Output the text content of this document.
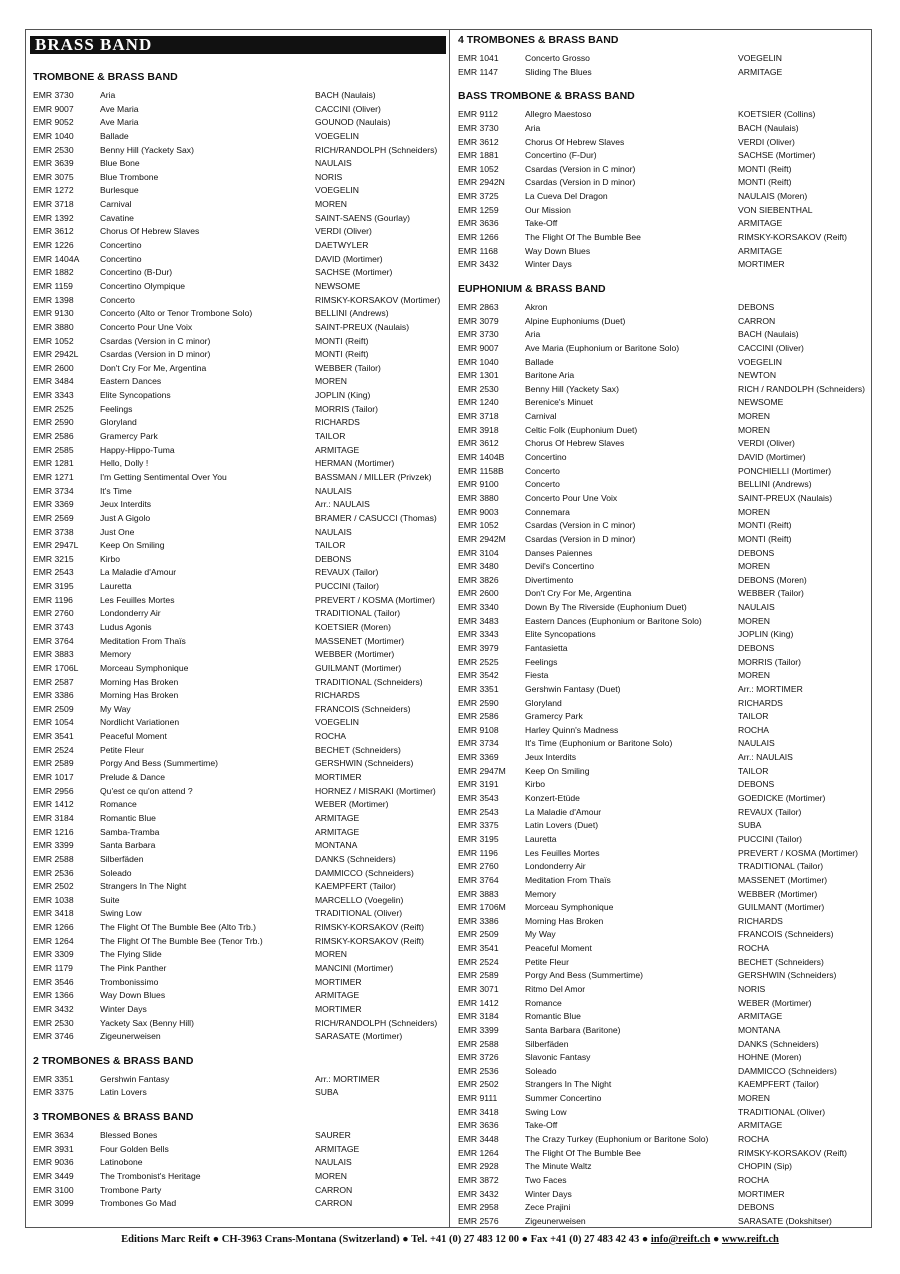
BRASS BAND
TROMBONE & BRASS BAND
EMR 3730	Aria	BACH (Naulais)
EMR 9007	Ave Maria	CACCINI (Oliver)
EMR 9052	Ave Maria	GOUNOD (Naulais)
EMR 1040	Ballade	VOEGELIN
EMR 2530	Benny Hill (Yackety Sax)	RICH/RANDOLPH (Schneiders)
EMR 3639	Blue Bone	NAULAIS
EMR 3075	Blue Trombone	NORIS
EMR 1272	Burlesque	VOEGELIN
EMR 3718	Carnival	MOREN
EMR 1392	Cavatine	SAINT-SAENS (Gourlay)
EMR 3612	Chorus Of Hebrew Slaves	VERDI (Oliver)
EMR 1226	Concertino	DAETWYLER
EMR 1404A	Concertino	DAVID (Mortimer)
EMR 1882	Concertino (B-Dur)	SACHSE (Mortimer)
EMR 1159	Concertino Olympique	NEWSOME
EMR 1398	Concerto	RIMSKY-KORSAKOV (Mortimer)
EMR 9130	Concerto (Alto or Tenor Trombone Solo)	BELLINI (Andrews)
EMR 3880	Concerto Pour Une Voix	SAINT-PREUX (Naulais)
EMR 1052	Csardas (Version in C minor)	MONTI (Reift)
EMR 2942L	Csardas (Version in D minor)	MONTI (Reift)
EMR 2600	Don't Cry For Me, Argentina	WEBBER (Tailor)
EMR 3484	Eastern Dances	MOREN
EMR 3343	Elite Syncopations	JOPLIN (King)
EMR 2525	Feelings	MORRIS (Tailor)
EMR 2590	Gloryland	RICHARDS
EMR 2586	Gramercy Park	TAILOR
EMR 2585	Happy-Hippo-Tuma	ARMITAGE
EMR 1281	Hello, Dolly !	HERMAN (Mortimer)
EMR 1271	I'm Getting Sentimental Over You	BASSMAN / MILLER (Privzek)
EMR 3734	It's Time	NAULAIS
EMR 3369	Jeux Interdits	Arr.: NAULAIS
EMR 2569	Just A Gigolo	BRAMER / CASUCCI (Thomas)
EMR 3738	Just One	NAULAIS
EMR 2947L	Keep On Smiling	TAILOR
EMR 3215	Kirbo	DEBONS
EMR 2543	La Maladie d'Amour	REVAUX (Tailor)
EMR 3195	Lauretta	PUCCINI (Tailor)
EMR 1196	Les Feuilles Mortes	PREVERT / KOSMA (Mortimer)
EMR 2760	Londonderry Air	TRADITIONAL (Tailor)
EMR 3743	Ludus Agonis	KOETSIER (Moren)
EMR 3764	Meditation From Thaïs	MASSENET (Mortimer)
EMR 3883	Memory	WEBBER (Mortimer)
EMR 1706L	Morceau Symphonique	GUILMANT (Mortimer)
EMR 2587	Morning Has Broken	TRADITIONAL (Schneiders)
EMR 3386	Morning Has Broken	RICHARDS
EMR 2509	My Way	FRANCOIS (Schneiders)
EMR 1054	Nordlicht Variationen	VOEGELIN
EMR 3541	Peaceful Moment	ROCHA
EMR 2524	Petite Fleur	BECHET (Schneiders)
EMR 2589	Porgy And Bess (Summertime)	GERSHWIN (Schneiders)
EMR 1017	Prelude & Dance	MORTIMER
EMR 2956	Qu'est ce qu'on attend ?	HORNEZ / MISRAKI (Mortimer)
EMR 1412	Romance	WEBER (Mortimer)
EMR 3184	Romantic Blue	ARMITAGE
EMR 1216	Samba-Tramba	ARMITAGE
EMR 3399	Santa Barbara	MONTANA
EMR 2588	Silberfäden	DANKS (Schneiders)
EMR 2536	Soleado	DAMMICCO (Schneiders)
EMR 2502	Strangers In The Night	KAEMPFERT (Tailor)
EMR 1038	Suite	MARCELLO (Voegelin)
EMR 3418	Swing Low	TRADITIONAL (Oliver)
EMR 1266	The Flight Of The Bumble Bee (Alto Trb.)	RIMSKY-KORSAKOV (Reift)
EMR 1264	The Flight Of The Bumble Bee (Tenor Trb.)	RIMSKY-KORSAKOV (Reift)
EMR 3309	The Flying Slide	MOREN
EMR 1179	The Pink Panther	MANCINI (Mortimer)
EMR 3546	Trombonissimo	MORTIMER
EMR 1366	Way Down Blues	ARMITAGE
EMR 3432	Winter Days	MORTIMER
EMR 2530	Yackety Sax (Benny Hill)	RICH/RANDOLPH (Schneiders)
EMR 3746	Zigeunerweisen	SARASATE (Mortimer)
2 TROMBONES & BRASS BAND
EMR 3351	Gershwin Fantasy	Arr.: MORTIMER
EMR 3375	Latin Lovers	SUBA
3 TROMBONES & BRASS BAND
EMR 3634	Blessed Bones	SAURER
EMR 3931	Four Golden Bells	ARMITAGE
EMR 9036	Latinobone	NAULAIS
EMR 3449	The Trombonist's Heritage	MOREN
EMR 3100	Trombone Party	CARRON
EMR 3099	Trombones Go Mad	CARRON
4 TROMBONES & BRASS BAND
EMR 1041	Concerto Grosso	VOEGELIN
EMR 1147	Sliding The Blues	ARMITAGE
BASS TROMBONE & BRASS BAND
EMR 9112	Allegro Maestoso	KOETSIER (Collins)
EMR 3730	Aria	BACH (Naulais)
EMR 3612	Chorus Of Hebrew Slaves	VERDI (Oliver)
EMR 1881	Concertino (F-Dur)	SACHSE (Mortimer)
EMR 1052	Csardas (Version in C minor)	MONTI (Reift)
EMR 2942N	Csardas (Version in D minor)	MONTI (Reift)
EMR 3725	La Cueva Del Dragon	NAULAIS (Moren)
EMR 1259	Our Mission	VON SIEBENTHAL
EMR 3636	Take-Off	ARMITAGE
EMR 1266	The Flight Of The Bumble Bee	RIMSKY-KORSAKOV (Reift)
EMR 1168	Way Down Blues	ARMITAGE
EMR 3432	Winter Days	MORTIMER
EUPHONIUM & BRASS BAND
EMR 2863	Akron	DEBONS
EMR 3079	Alpine Euphoniums (Duet)	CARRON
EMR 3730	Aria	BACH (Naulais)
EMR 9007	Ave Maria (Euphonium or Baritone Solo)	CACCINI (Oliver)
EMR 1040	Ballade	VOEGELIN
EMR 1301	Baritone Aria	NEWTON
EMR 2530	Benny Hill (Yackety Sax)	RICH / RANDOLPH (Schneiders)
EMR 1240	Berenice's Minuet	NEWSOME
EMR 3718	Carnival	MOREN
EMR 3918	Celtic Folk (Euphonium Duet)	MOREN
EMR 3612	Chorus Of Hebrew Slaves	VERDI (Oliver)
EMR 1404B	Concertino	DAVID (Mortimer)
EMR 1158B	Concerto	PONCHIELLI (Mortimer)
EMR 9100	Concerto	BELLINI (Andrews)
EMR 3880	Concerto Pour Une Voix	SAINT-PREUX (Naulais)
EMR 9003	Connemara	MOREN
EMR 1052	Csardas (Version in C minor)	MONTI (Reift)
EMR 2942M	Csardas (Version in D minor)	MONTI (Reift)
EMR 3104	Danses Paiennes	DEBONS
EMR 3480	Devil's Concertino	MOREN
EMR 3826	Divertimento	DEBONS (Moren)
EMR 2600	Don't Cry For Me, Argentina	WEBBER (Tailor)
EMR 3340	Down By The Riverside (Euphonium Duet)	NAULAIS
EMR 3483	Eastern Dances (Euphonium or Baritone Solo)	MOREN
EMR 3343	Elite Syncopations	JOPLIN (King)
EMR 3979	Fantasietta	DEBONS
EMR 2525	Feelings	MORRIS (Tailor)
EMR 3542	Fiesta	MOREN
EMR 3351	Gershwin Fantasy (Duet)	Arr.: MORTIMER
EMR 2590	Gloryland	RICHARDS
EMR 2586	Gramercy Park	TAILOR
EMR 9108	Harley Quinn's Madness	ROCHA
EMR 3734	It's Time (Euphonium or Baritone Solo)	NAULAIS
EMR 3369	Jeux Interdits	Arr.: NAULAIS
EMR 2947M	Keep On Smiling	TAILOR
EMR 3191	Kirbo	DEBONS
EMR 3543	Konzert-Etüde	GOEDICKE (Mortimer)
EMR 2543	La Maladie d'Amour	REVAUX (Tailor)
EMR 3375	Latin Lovers (Duet)	SUBA
EMR 3195	Lauretta	PUCCINI (Tailor)
EMR 1196	Les Feuilles Mortes	PREVERT / KOSMA (Mortimer)
EMR 2760	Londonderry Air	TRADITIONAL (Tailor)
EMR 3764	Meditation From Thaïs	MASSENET (Mortimer)
EMR 3883	Memory	WEBBER (Mortimer)
EMR 1706M	Morceau Symphonique	GUILMANT (Mortimer)
EMR 3386	Morning Has Broken	RICHARDS
EMR 2509	My Way	FRANCOIS (Schneiders)
EMR 3541	Peaceful Moment	ROCHA
EMR 2524	Petite Fleur	BECHET (Schneiders)
EMR 2589	Porgy And Bess (Summertime)	GERSHWIN (Schneiders)
EMR 3071	Ritmo Del Amor	NORIS
EMR 1412	Romance	WEBER (Mortimer)
EMR 3184	Romantic Blue	ARMITAGE
EMR 3399	Santa Barbara (Baritone)	MONTANA
EMR 2588	Silberfäden	DANKS (Schneiders)
EMR 3726	Slavonic Fantasy	HOHNE (Moren)
EMR 2536	Soleado	DAMMICCO (Schneiders)
EMR 2502	Strangers In The Night	KAEMPFERT (Tailor)
EMR 9111	Summer Concertino	MOREN
EMR 3418	Swing Low	TRADITIONAL (Oliver)
EMR 3636	Take-Off	ARMITAGE
EMR 3448	The Crazy Turkey (Euphonium or Baritone Solo)	ROCHA
EMR 1264	The Flight Of The Bumble Bee	RIMSKY-KORSAKOV (Reift)
EMR 2928	The Minute Waltz	CHOPIN (Sip)
EMR 3872	Two Faces	ROCHA
EMR 3432	Winter Days	MORTIMER
EMR 2958	Zece Prajini	DEBONS
EMR 2576	Zigeunerweisen	SARASATE (Dokshitser)
Editions Marc Reift ● CH-3963 Crans-Montana (Switzerland) ● Tel. +41 (0) 27 483 12 00 ● Fax +41 (0) 27 483 42 43 ● info@reift.ch ● www.reift.ch
